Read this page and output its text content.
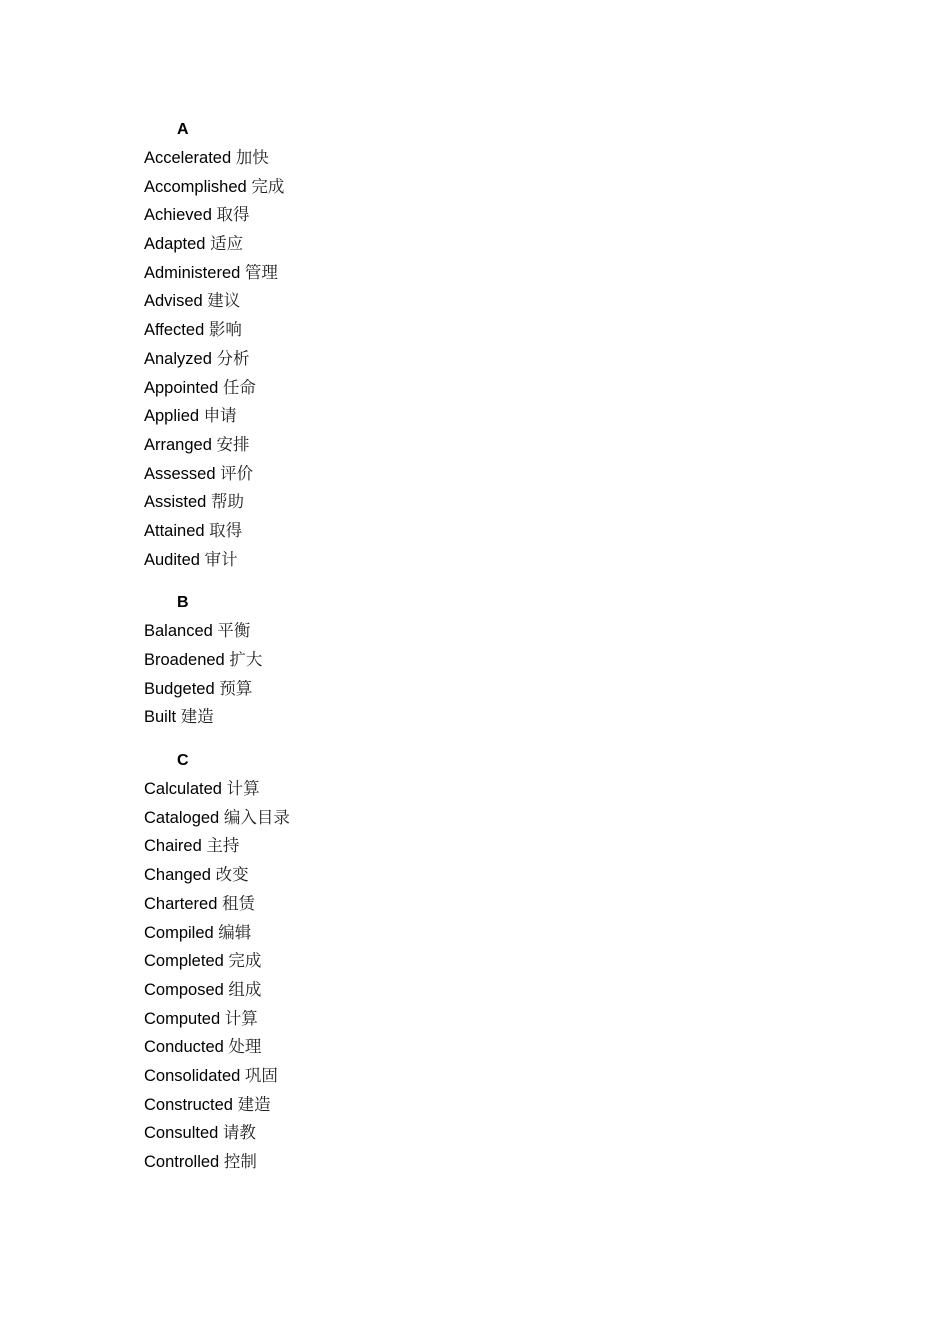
A
Accelerated 加快
Accomplished 完成
Achieved 取得
Adapted 适应
Administered 管理
Advised 建议
Affected 影响
Analyzed 分析
Appointed 任命
Applied 申请
Arranged 安排
Assessed 评价
Assisted 帮助
Attained 取得
Audited 审计
B
Balanced 平衡
Broadened 扩大
Budgeted 预算
Built 建造
C
Calculated 计算
Cataloged 编入目录
Chaired 主持
Changed 改变
Chartered 租赁
Compiled 编辑
Completed 完成
Composed 组成
Computed 计算
Conducted 处理
Consolidated 巩固
Constructed 建造
Consulted 请教
Controlled 控制
